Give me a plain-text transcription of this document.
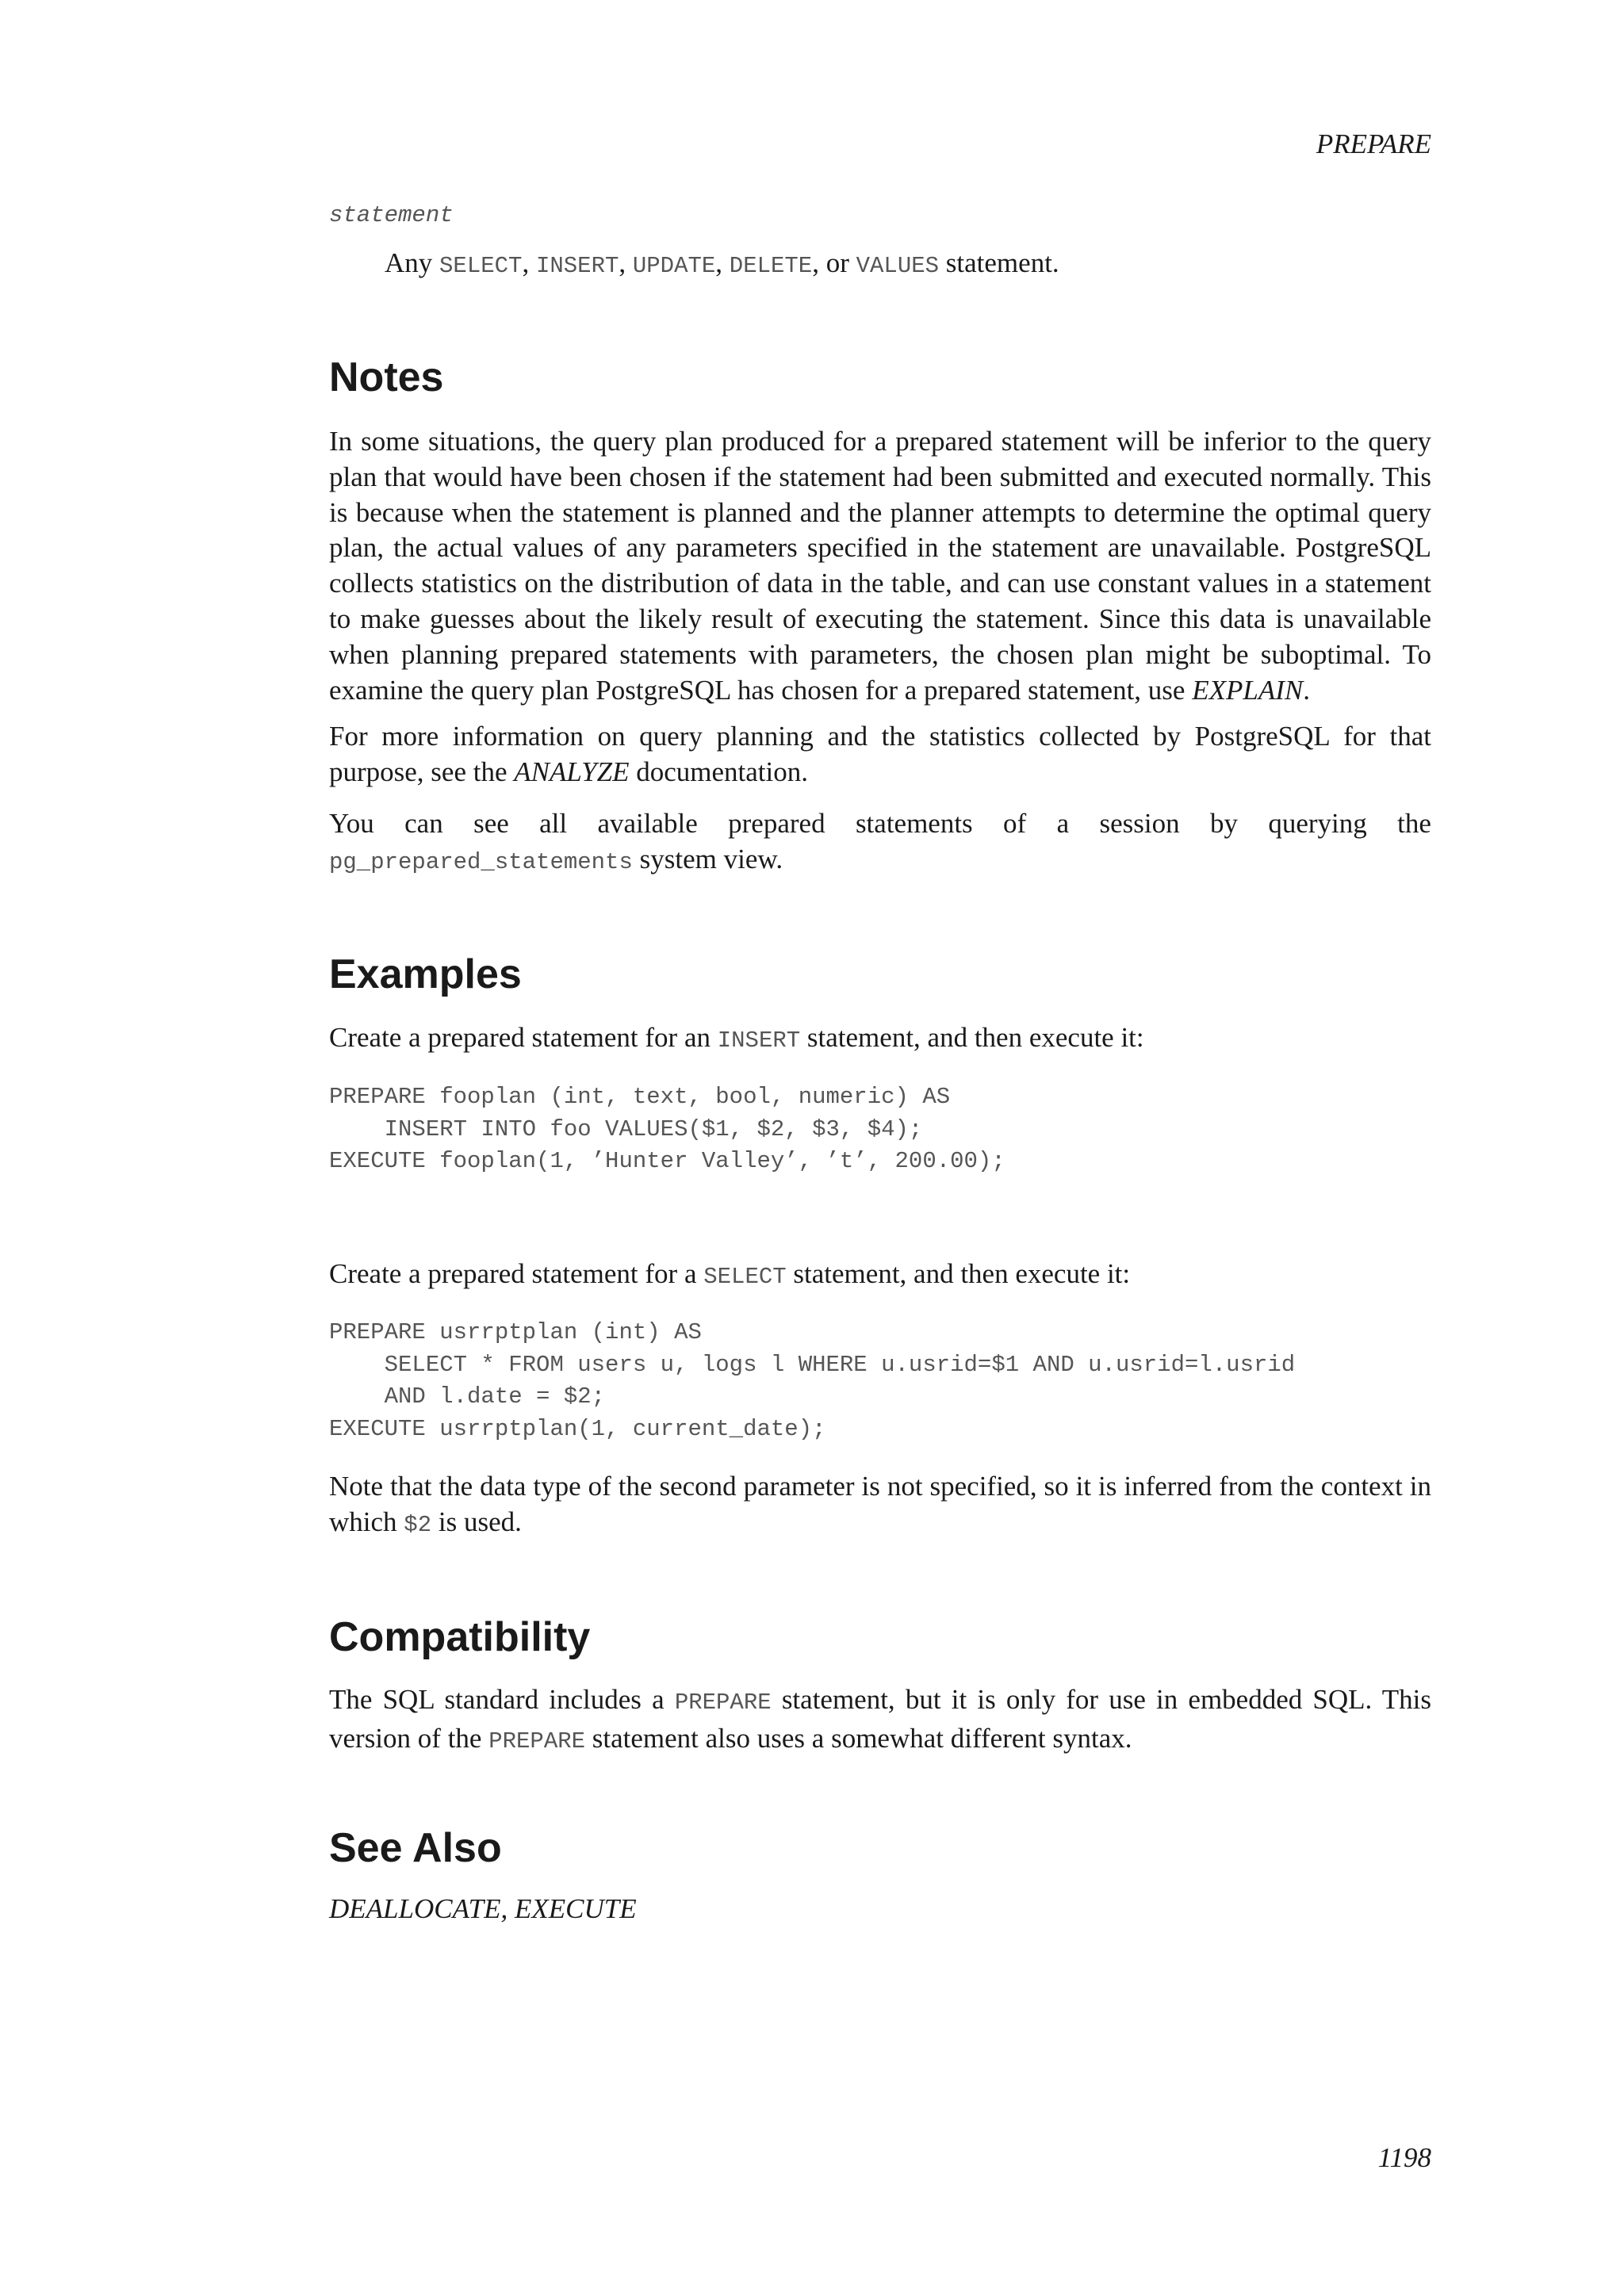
PREPARE
statement
Any SELECT, INSERT, UPDATE, DELETE, or VALUES statement.
Notes

In some situations, the query plan produced for a prepared statement will be inferior to the query plan that would have been chosen if the statement had been submitted and executed normally. This is because when the statement is planned and the planner attempts to determine the optimal query plan, the actual values of any parameters specified in the statement are unavailable. PostgreSQL collects statistics on the distribution of data in the table, and can use constant values in a statement to make guesses about the likely result of executing the statement. Since this data is unavailable when planning prepared statements with parameters, the chosen plan might be suboptimal. To examine the query plan PostgreSQL has chosen for a prepared statement, use EXPLAIN.

For more information on query planning and the statistics collected by PostgreSQL for that purpose, see the ANALYZE documentation.

You can see all available prepared statements of a session by querying the
pg_prepared_statements system view.
Examples

Create a prepared statement for an INSERT statement, and then execute it:

PREPARE fooplan (int, text, bool, numeric) AS
INSERT INTO foo VALUES($1, $2, $3, $4);
EXECUTE fooplan(1, ’Hunter Valley’, ’t’, 200.00);

Create a prepared statement for a SELECT statement, and then execute it:

PREPARE usrrptplan (int) AS
SELECT * FROM users u, logs l WHERE u.usrid=$1 AND u.usrid=l.usrid
AND l.date = $2;
EXECUTE usrrptplan(1, current_date);

Note that the data type of the second parameter is not specified, so it is inferred from the context in which $2 is used.

Compatibility

The SQL standard includes a PREPARE statement, but it is only for use in embedded SQL. This version of the PREPARE statement also uses a somewhat different syntax.

See Also
DEALLOCATE, EXECUTE
1198
